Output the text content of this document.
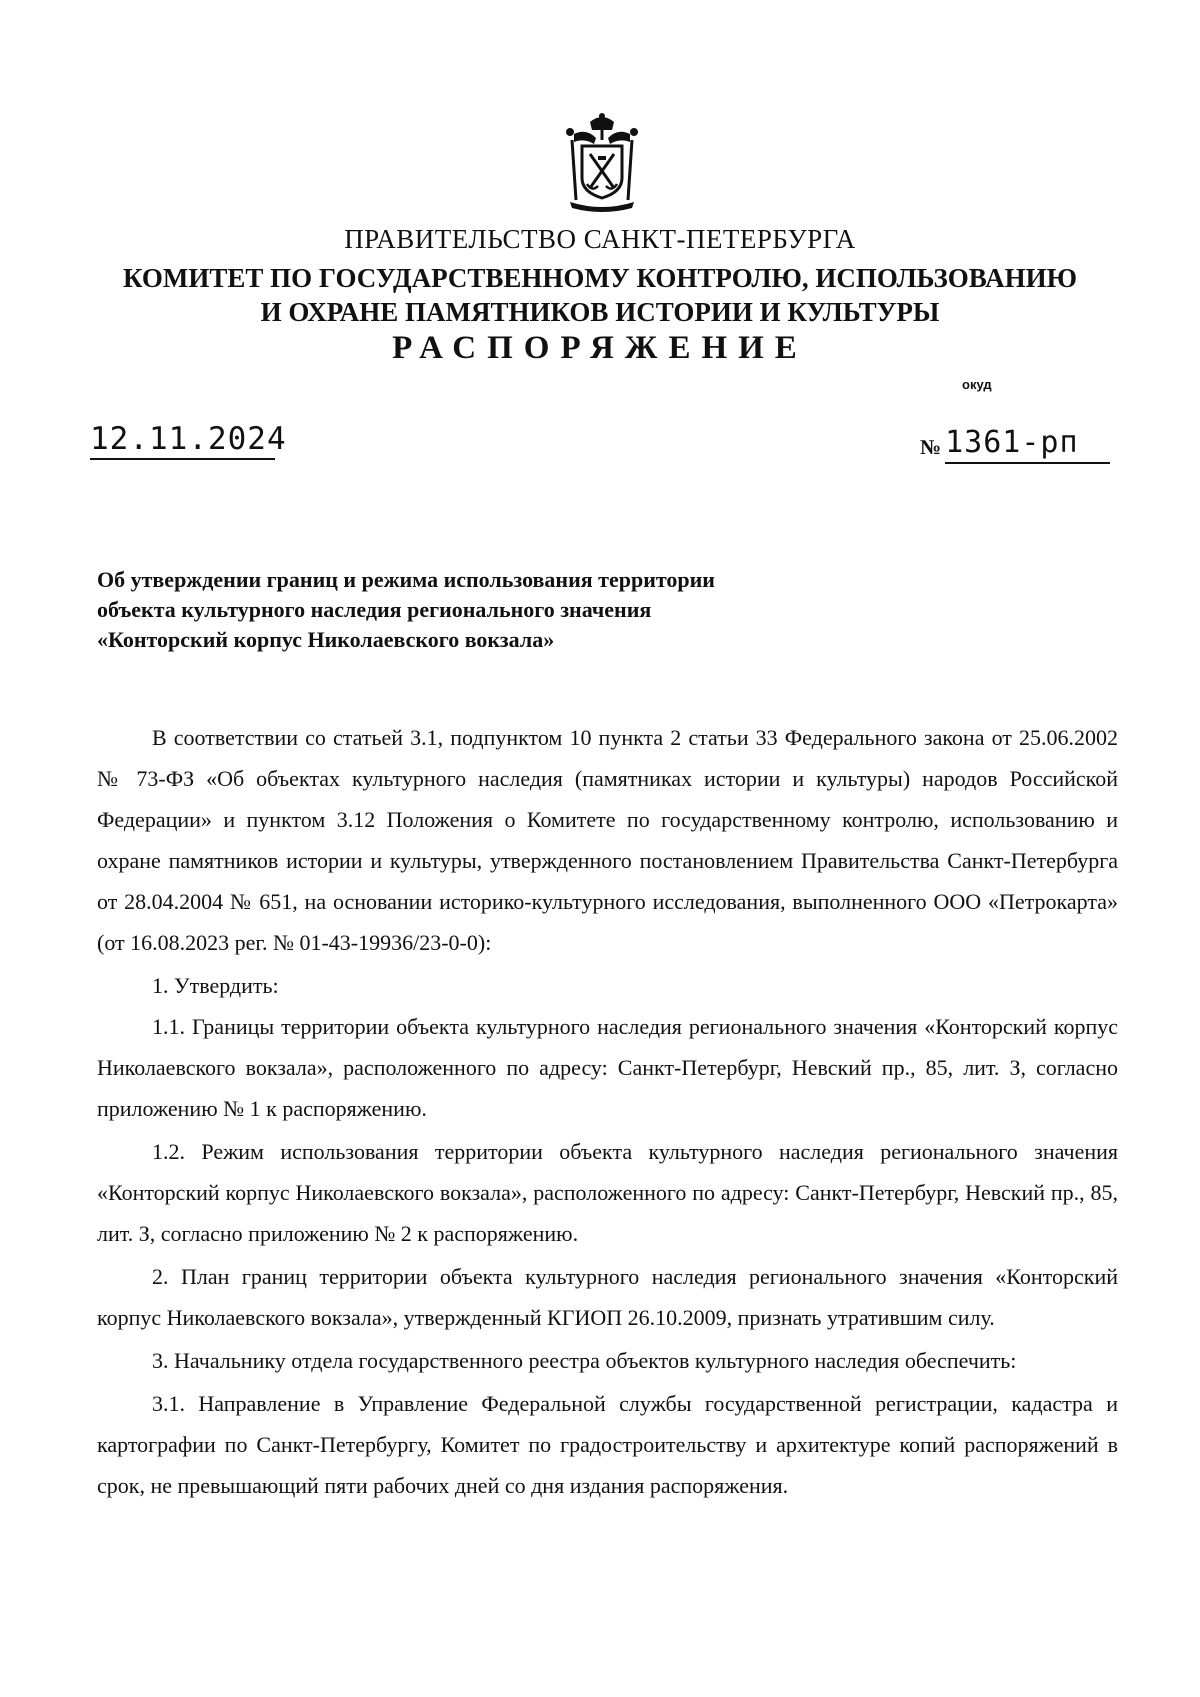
ПРАВИТЕЛЬСТВО САНКТ-ПЕТЕРБУРГА
КОМИТЕТ ПО ГОСУДАРСТВЕННОМУ КОНТРОЛЮ, ИСПОЛЬЗОВАНИЮ
И ОХРАНЕ ПАМЯТНИКОВ ИСТОРИИ И КУЛЬТУРЫ
РАСПОРЯЖЕНИЕ
окуд
12.11.2024	№ 1361-рп
Об утверждении границ и режима использования территории
объекта культурного наследия регионального значения
«Конторский корпус Николаевского вокзала»

В соответствии со статьей 3.1, подпунктом 10 пункта 2 статьи 33 Федерального закона от 25.06.2002 № 73-ФЗ «Об объектах культурного наследия (памятниках истории и культуры) народов Российской Федерации» и пунктом 3.12 Положения о Комитете по государственному контролю, использованию и охране памятников истории и культуры, утвержденного постановлением Правительства Санкт-Петербурга от 28.04.2004 № 651, на основании историко-культурного исследования, выполненного ООО «Петрокарта» (от 16.08.2023 рег. № 01-43-19936/23-0-0):

1. Утвердить:

1.1. Границы территории объекта культурного наследия регионального значения «Конторский корпус Николаевского вокзала», расположенного по адресу: Санкт-Петербург, Невский пр., 85, лит. З, согласно приложению № 1 к распоряжению.

1.2. Режим использования территории объекта культурного наследия регионального значения «Конторский корпус Николаевского вокзала», расположенного по адресу: Санкт-Петербург, Невский пр., 85, лит. З, согласно приложению № 2 к распоряжению.

2. План границ территории объекта культурного наследия регионального значения «Конторский корпус Николаевского вокзала», утвержденный КГИОП 26.10.2009, признать утратившим силу.

3. Начальнику отдела государственного реестра объектов культурного наследия обеспечить:

3.1. Направление в Управление Федеральной службы государственной регистрации, кадастра и картографии по Санкт-Петербургу, Комитет по градостроительству и архитектуре копий распоряжений в срок, не превышающий пяти рабочих дней со дня издания распоряжения.
